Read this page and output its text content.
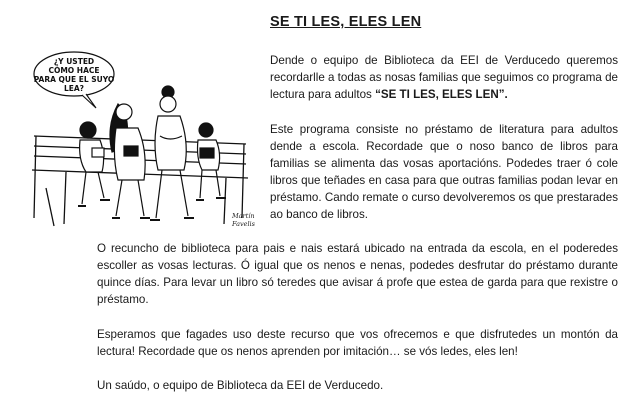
SE TI LES, ELES LEN
¿Y USTED
CÓMO HACE
PARA QUE EL SUYO
LEA?
Martín
Favelis

Dende o equipo de Biblioteca da EEI de Verducedo queremos recordarlle a todas as nosas familias que seguimos co programa de lectura para adultos “SE TI LES, ELES LEN”.

Este programa consiste no préstamo de literatura para adultos dende a escola. Recordade que o noso banco de libros para familias se alimenta das vosas aportacións. Podedes traer ó cole libros que teñades en casa para que outras familias podan levar en préstamo. Cando remate o curso devolveremos os que prestarades ao banco de libros.

O recuncho de biblioteca para pais e nais estará ubicado na entrada da escola, en el poderedes escoller as vosas lecturas. Ó igual que os nenos e nenas, podedes desfrutar do préstamo durante quince días. Para levar un libro só teredes que avisar á profe que estea de garda para que rexistre o préstamo.

Esperamos que fagades uso deste recurso que vos ofrecemos e que disfrutedes un montón da lectura! Recordade que os nenos aprenden por imitación… se vós ledes, eles len!

Un saúdo, o equipo de Biblioteca da EEI de Verducedo.
